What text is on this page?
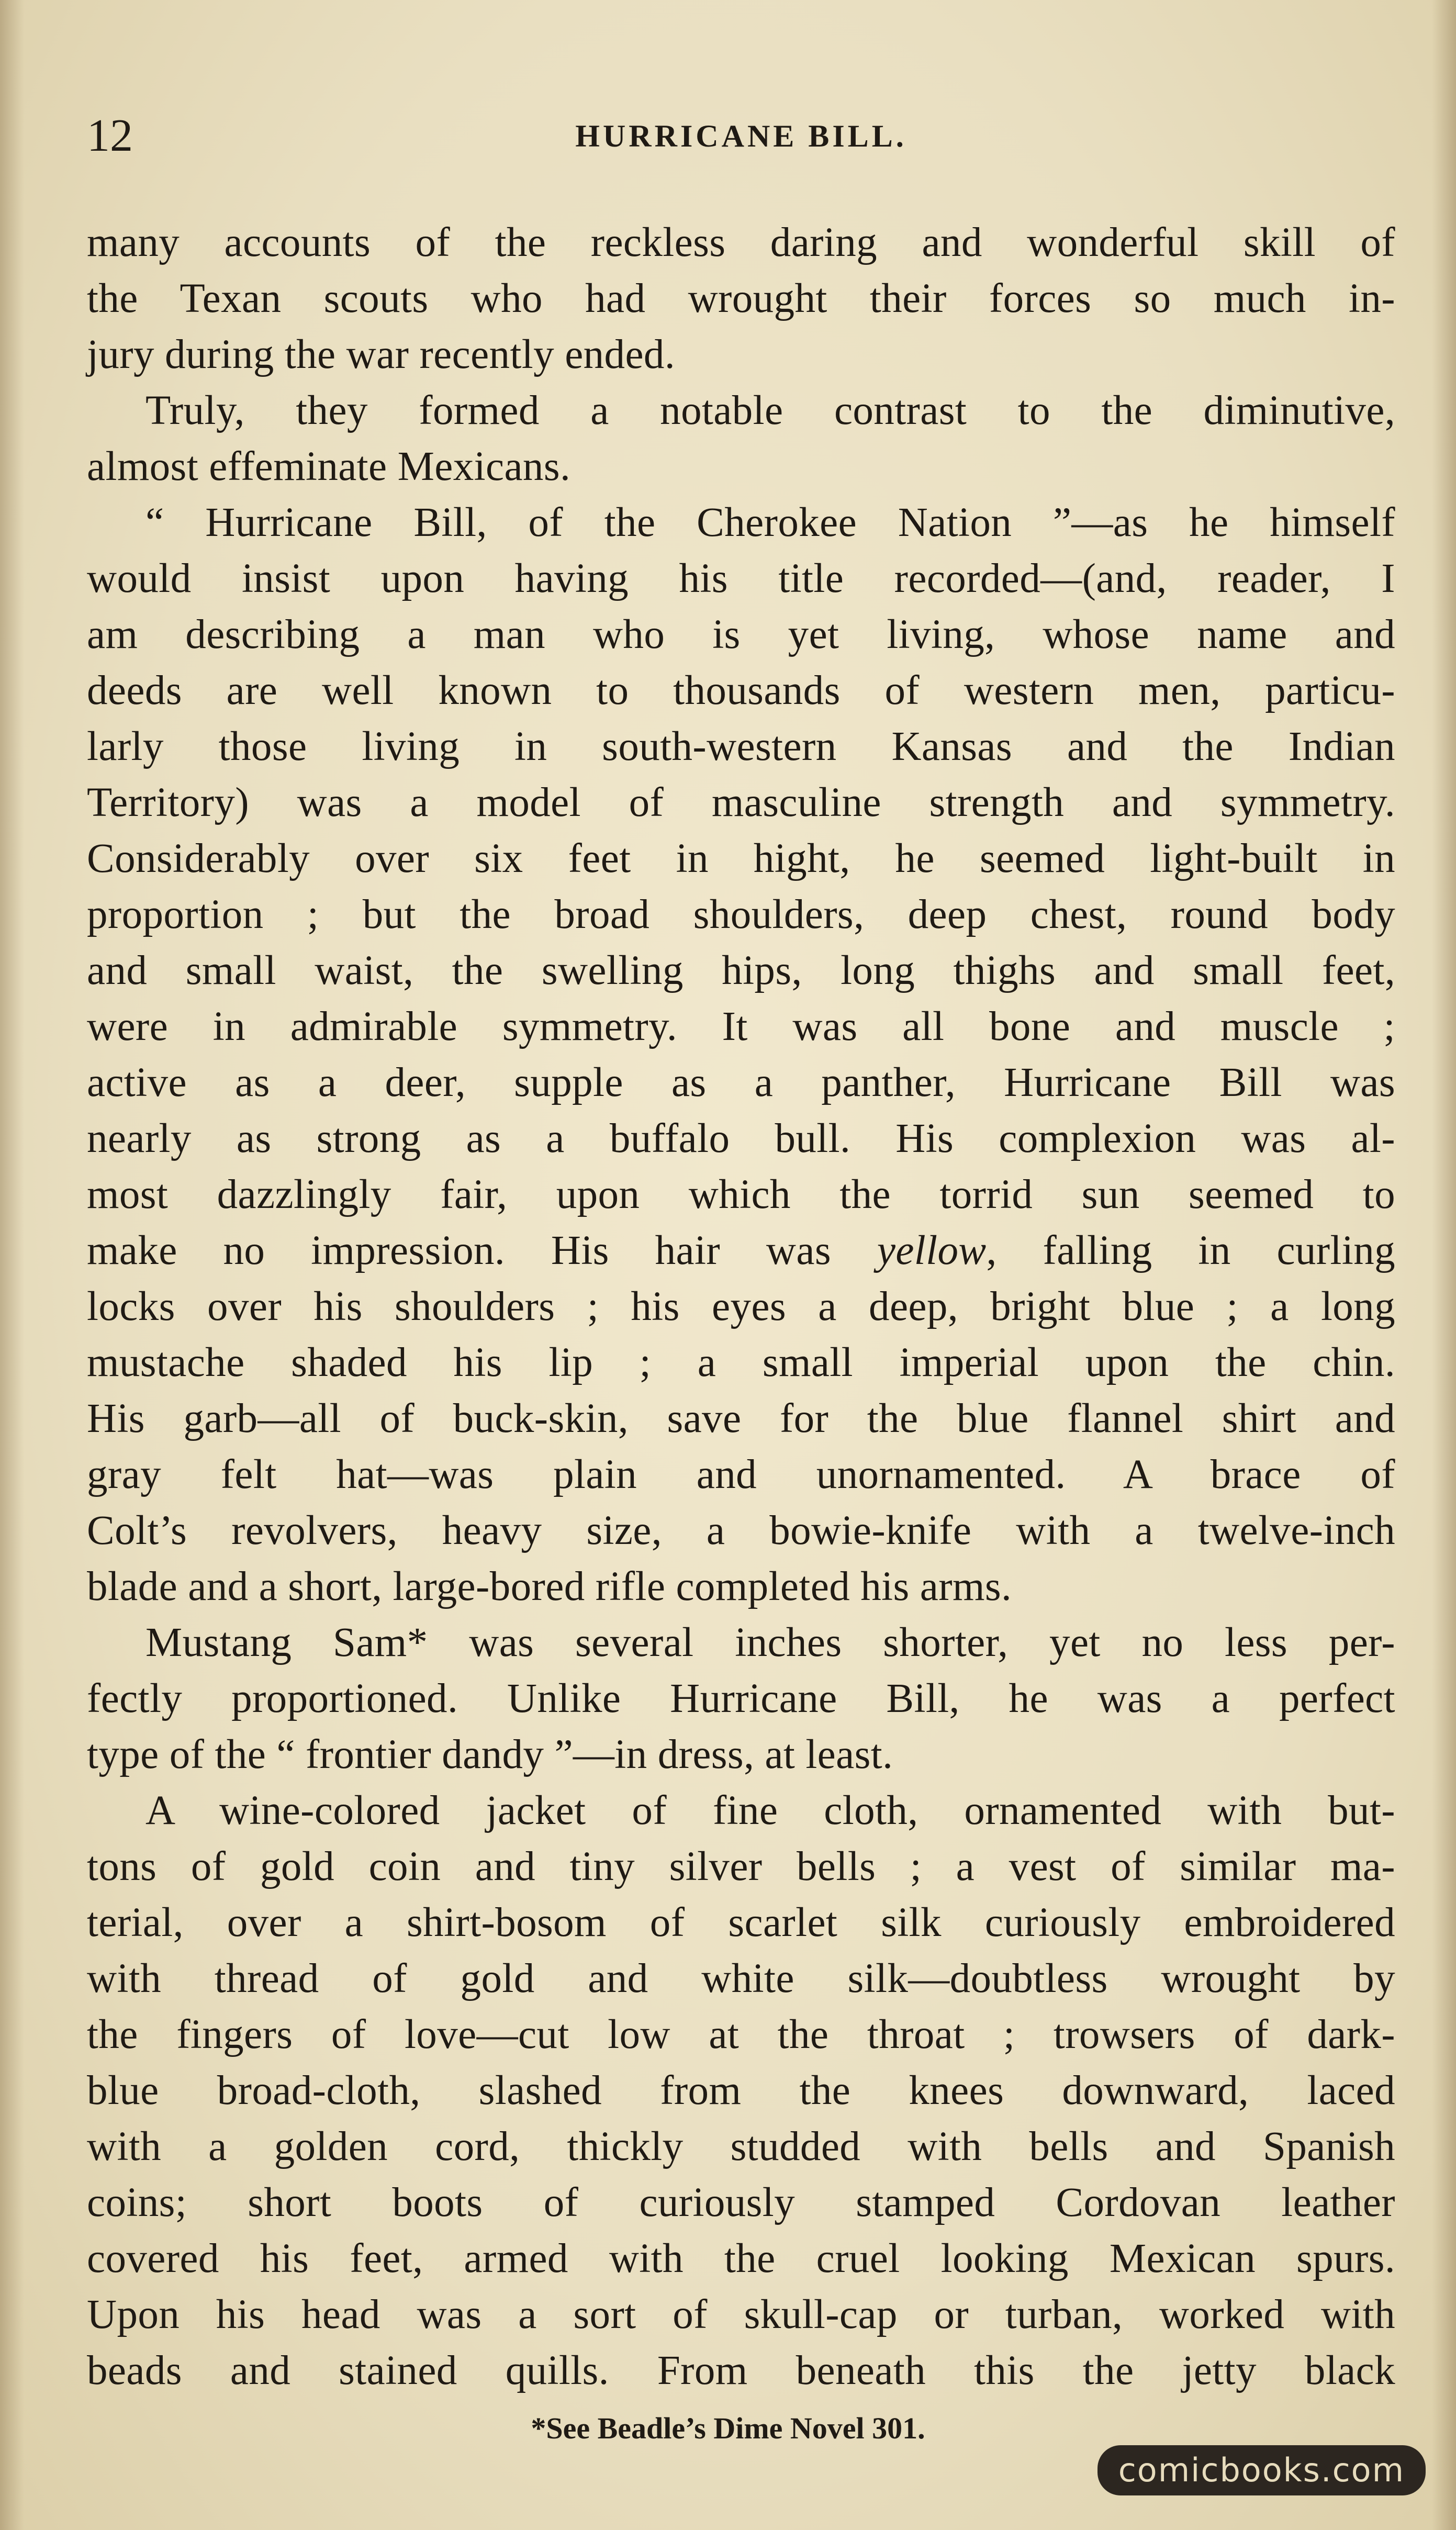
HURRICANE BILL.
12
many accounts of the reckless daring and wonderful skill of
the Texan scouts who had wrought their forces so much in-
jury during the war recently ended.
Truly, they formed a notable contrast to the diminutive,
almost effeminate Mexicans.
“ Hurricane Bill, of the Cherokee Nation ”—as he himself
would insist upon having his title recorded—(and, reader, I
am describing a man who is yet living, whose name and
deeds are well known to thousands of western men, particu-
larly those living in south-western Kansas and the Indian
Territory) was a model of masculine strength and symmetry.
Considerably over six feet in hight, he seemed light-built in
proportion ; but the broad shoulders, deep chest, round body
and small waist, the swelling hips, long thighs and small feet,
were in admirable symmetry. It was all bone and muscle ;
active as a deer, supple as a panther, Hurricane Bill was
nearly as strong as a buffalo bull. His complexion was al-
most dazzlingly fair, upon which the torrid sun seemed to
make no impression. His hair was yellow, falling in curling
locks over his shoulders ; his eyes a deep, bright blue ; a long
mustache shaded his lip ; a small imperial upon the chin.
His garb—all of buck-skin, save for the blue flannel shirt and
gray felt hat—was plain and unornamented. A brace of
Colt’s revolvers, heavy size, a bowie-knife with a twelve-inch
blade and a short, large-bored rifle completed his arms.
Mustang Sam* was several inches shorter, yet no less per-
fectly proportioned. Unlike Hurricane Bill, he was a perfect
type of the “ frontier dandy ”—in dress, at least.
A wine-colored jacket of fine cloth, ornamented with but-
tons of gold coin and tiny silver bells ; a vest of similar ma-
terial, over a shirt-bosom of scarlet silk curiously embroidered
with thread of gold and white silk—doubtless wrought by
the fingers of love—cut low at the throat ; trowsers of dark-
blue broad-cloth, slashed from the knees downward, laced
with a golden cord, thickly studded with bells and Spanish
coins; short boots of curiously stamped Cordovan leather
covered his feet, armed with the cruel looking Mexican spurs.
Upon his head was a sort of skull-cap or turban, worked with
beads and stained quills. From beneath this the jetty black
*See Beadle’s Dime Novel 301.
comicbooks.com
